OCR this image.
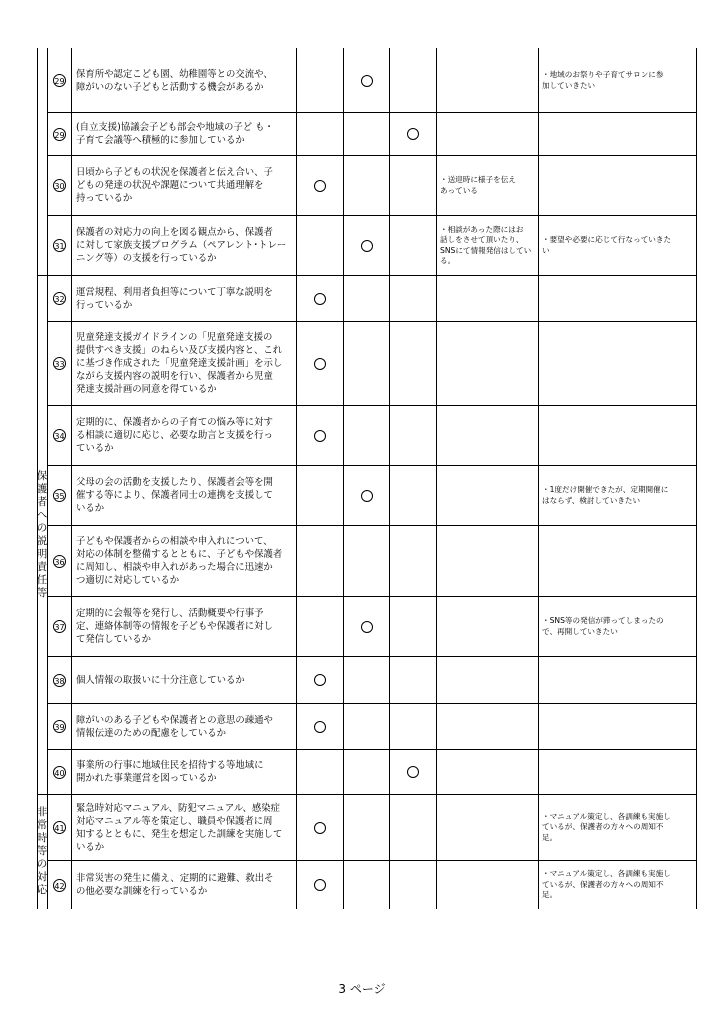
29
保育所や認定こども園、幼稚園等との交流や、
障がいのない子どもと活動する機会があるか
・地域のお祭りや子育てサロンに参
加していきたい
29
(自立支援)協議会子ども部会や地域の子ど も・
子育て会議等へ積極的に参加しているか
30
日頃から子どもの状況を保護者と伝え合い、子
どもの発達の状況や課題について共通理解を
持っているか
・送迎時に様子を伝え
あっている
31
保護者の対応力の向上を図る観点から、保護者
に対して家族支援プログラム（ペアレント･トレー
ニング等）の支援を行っているか
・相談があった際にはお
話しをさせて頂いたり、
SNSにて情報発信はしてい
る。
・要望や必要に応じて行なっていきた
い
32
運営規程、利用者負担等について丁寧な説明を
行っているか
33
児童発達支援ガイドラインの「児童発達支援の
提供すべき支援」のねらい及び支援内容と、これ
に基づき作成された「児童発達支援計画」を示し
ながら支援内容の説明を行い、保護者から児童
発達支援計画の同意を得ているか
34
定期的に、保護者からの子育ての悩み等に対す
る相談に適切に応じ、必要な助言と支援を行っ
ているか
35
父母の会の活動を支援したり、保護者会等を開
催する等により、保護者同士の連携を支援して
いるか
・1度だけ開催できたが、定期開催に
はならず、検討していきたい
36
子どもや保護者からの相談や申入れについて、
対応の体制を整備するとともに、子どもや保護者
に周知し、相談や申入れがあった場合に迅速か
つ適切に対応しているか
37
定期的に会報等を発行し、活動概要や行事予
定、連絡体制等の情報を子どもや保護者に対し
て発信しているか
・SNS等の発信が滞ってしまったの
で、再開していきたい
38	個人情報の取扱いに十分注意しているか
39
障がいのある子どもや保護者との意思の疎通や
情報伝達のための配慮をしているか
40
事業所の行事に地域住民を招待する等地域に
開かれた事業運営を図っているか
41
緊急時対応マニュアル、防犯マニュアル、感染症
対応マニュアル等を策定し、職員や保護者に周
知するとともに、発生を想定した訓練を実施して
いるか
・マニュアル策定し、各訓練も実施し
ているが、保護者の方々への周知不
足。
42
非常災害の発生に備え、定期的に避難、救出そ
の他必要な訓練を行っているか
・マニュアル策定し、各訓練も実施し
ているが、保護者の方々への周知不
足。
保
護
者
へ
の
説
明
責
任
等
非
常
時
等
の
対
応
3 ページ
